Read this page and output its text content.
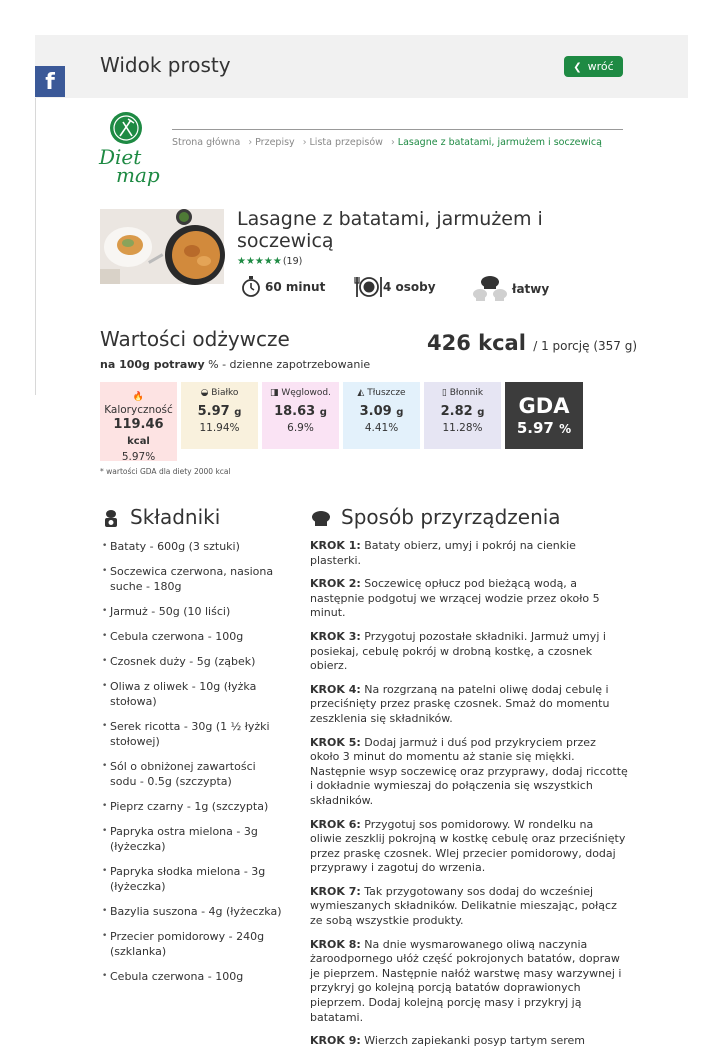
Widok prosty	❮ wróć
f
Diet
map
Strona główna › Przepisy › Lista przepisów › Lasagne z batatami, jarmużem i soczewicą
Lasagne z batatami, jarmużem i soczewicą
★★★★★(19)
60 minut	4 osoby	łatwy
Wartości odżywcze
na 100g potrawy % - dzienne zapotrzebowanie
426 kcal / 1 porcję (357 g)
🔥
Kaloryczność
119.46 kcal
5.97%
◒ Białko
5.97 g
11.94%
◨ Węglowod.
18.63 g
6.9%
◭ Tłuszcze
3.09 g
4.41%
▯ Błonnik
2.82 g
11.28%
GDA
5.97 %
* wartości GDA dla diety 2000 kcal
Składniki
• Bataty - 600g (3 sztuki)
• Soczewica czerwona, nasiona suche - 180g
• Jarmuż - 50g (10 liści)
• Cebula czerwona - 100g
• Czosnek duży - 5g (ząbek)
• Oliwa z oliwek - 10g (łyżka stołowa)
• Serek ricotta - 30g (1 ½ łyżki stołowej)
• Sól o obniżonej zawartości sodu - 0.5g (szczypta)
• Pieprz czarny - 1g (szczypta)
• Papryka ostra mielona - 3g (łyżeczka)
• Papryka słodka mielona - 3g (łyżeczka)
• Bazylia suszona - 4g (łyżeczka)
• Przecier pomidorowy - 240g (szklanka)
• Cebula czerwona - 100g
Sposób przyrządzenia

KROK 1: Bataty obierz, umyj i pokrój na cienkie plasterki.

KROK 2: Soczewicę opłucz pod bieżącą wodą, a następnie podgotuj we wrzącej wodzie przez około 5 minut.

KROK 3: Przygotuj pozostałe składniki. Jarmuż umyj i posiekaj, cebulę pokrój w drobną kostkę, a czosnek obierz.

KROK 4: Na rozgrzaną na patelni oliwę dodaj cebulę i przeciśnięty przez praskę czosnek. Smaż do momentu zeszklenia się składników.

KROK 5: Dodaj jarmuż i duś pod przykryciem przez około 3 minut do momentu aż stanie się miękki. Następnie wsyp soczewicę oraz przyprawy, dodaj riccottę i dokładnie wymieszaj do połączenia się wszystkich składników.

KROK 6: Przygotuj sos pomidorowy. W rondelku na oliwie zeszklij pokrojną w kostkę cebulę oraz przeciśnięty przez praskę czosnek. Wlej przecier pomidorowy, dodaj przyprawy i zagotuj do wrzenia.

KROK 7: Tak przygotowany sos dodaj do wcześniej wymieszanych składników. Delikatnie mieszając, połącz ze sobą wszystkie produkty.

KROK 8: Na dnie wysmarowanego oliwą naczynia żaroodpornego ułóż część pokrojonych batatów, dopraw je pieprzem. Następnie nałóż warstwę masy warzywnej i przykryj go kolejną porcją batatów doprawionych pieprzem. Dodaj kolejną porcję masy i przykryj ją batatami.

KROK 9: Wierzch zapiekanki posyp tartym serem
